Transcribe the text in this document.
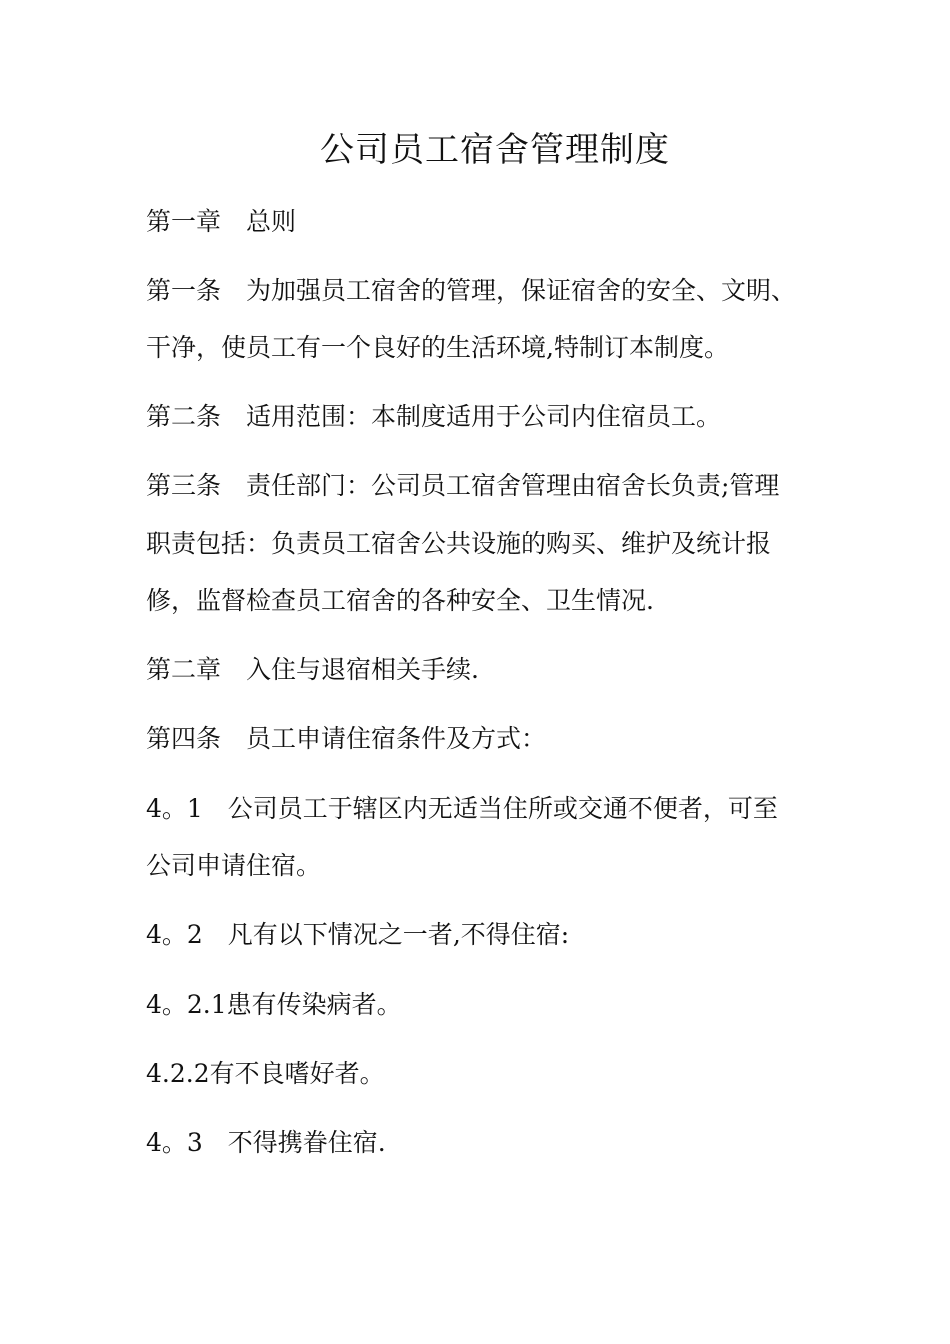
公司员工宿舍管理制度

第一章　总则

第一条　为加强员工宿舍的管理，保证宿舍的安全、文明、

干净，使员工有一个良好的生活环境,特制订本制度。

第二条　适用范围：本制度适用于公司内住宿员工。

第三条　责任部门：公司员工宿舍管理由宿舍长负责;管理

职责包括：负责员工宿舍公共设施的购买、维护及统计报

修，监督检查员工宿舍的各种安全、卫生情况.

第二章　入住与退宿相关手续.

第四条　员工申请住宿条件及方式：

4。1　公司员工于辖区内无适当住所或交通不便者，可至

公司申请住宿。

4。2　凡有以下情况之一者,不得住宿:

4。2.1患有传染病者。

4.2.2有不良嗜好者。

4。3　不得携眷住宿.
